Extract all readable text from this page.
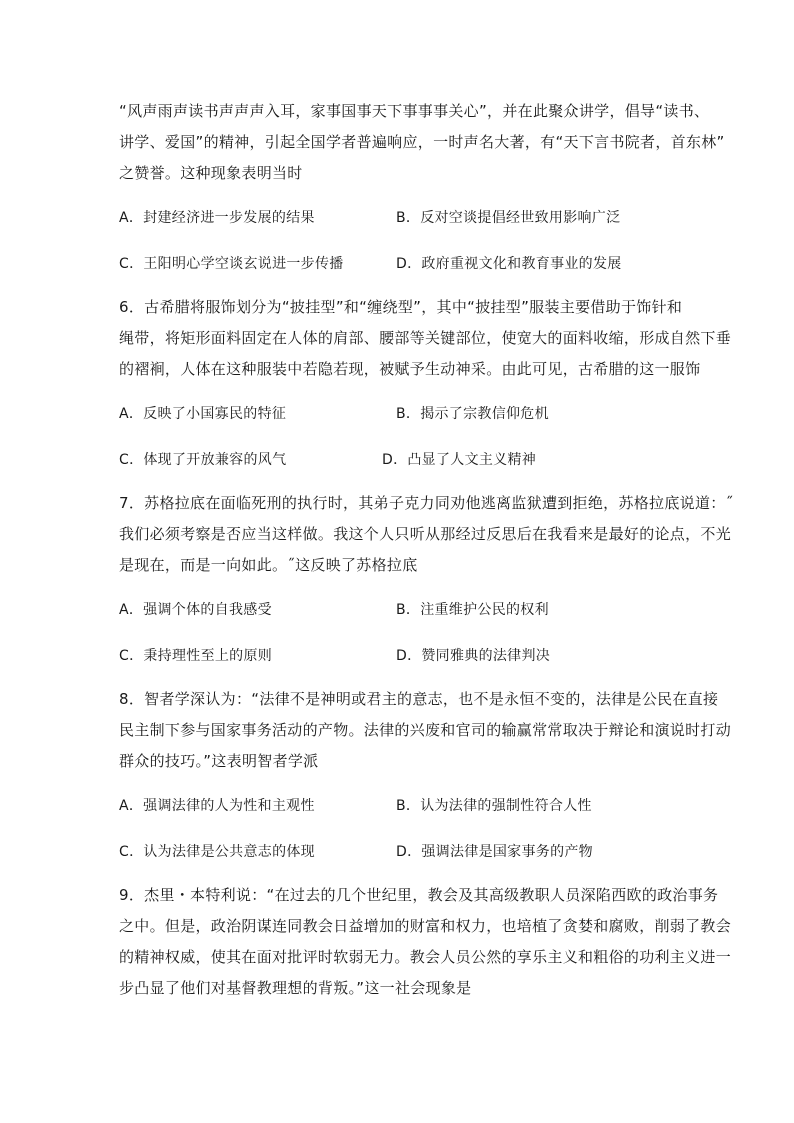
“风声雨声读书声声声入耳，家事国事天下事事事关心”，并在此聚众讲学，倡导“读书、
讲学、爱国”的精神，引起全国学者普遍响应，一时声名大著，有“天下言书院者，首东林”
之赞誉。这种现象表明当时
A．封建经济进一步发展的结果	B．反对空谈提倡经世致用影响广泛
C．王阳明心学空谈玄说进一步传播	D．政府重视文化和教育事业的发展
6．古希腊将服饰划分为“披挂型”和“缠绕型”，其中“披挂型”服装主要借助于饰针和
绳带，将矩形面料固定在人体的肩部、腰部等关键部位，使宽大的面料收缩，形成自然下垂
的褶裥，人体在这种服装中若隐若现，被赋予生动神采。由此可见，古希腊的这一服饰
A．反映了小国寡民的特征	B．揭示了宗教信仰危机
C．体现了开放兼容的风气	D．凸显了人文主义精神
7．苏格拉底在面临死刑的执行时，其弟子克力同劝他逃离监狱遭到拒绝，苏格拉底说道：˝
我们必须考察是否应当这样做。我这个人只听从那经过反思后在我看来是最好的论点，不光
是现在，而是一向如此。˝这反映了苏格拉底
A．强调个体的自我感受	B．注重维护公民的权利
C．秉持理性至上的原则	D．赞同雅典的法律判决
8．智者学深认为：“法律不是神明或君主的意志，也不是永恒不变的，法律是公民在直接
民主制下参与国家事务活动的产物。法律的兴废和官司的输赢常常取决于辩论和演说时打动
群众的技巧。”这表明智者学派
A．强调法律的人为性和主观性	B．认为法律的强制性符合人性
C．认为法律是公共意志的体现	D．强调法律是国家事务的产物
9．杰里・本特利说：“在过去的几个世纪里，教会及其高级教职人员深陷西欧的政治事务
之中。但是，政治阴谋连同教会日益增加的财富和权力，也培植了贪婪和腐败，削弱了教会
的精神权威，使其在面对批评时软弱无力。教会人员公然的享乐主义和粗俗的功利主义进一
步凸显了他们对基督教理想的背叛。”这一社会现象是
